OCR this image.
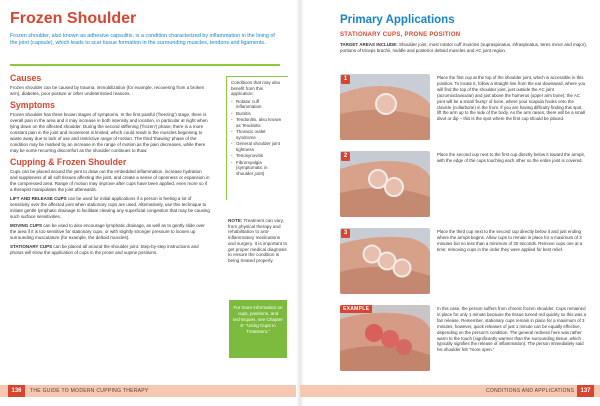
Frozen Shoulder
Frozen shoulder, also known as adhesive capsulitis, is a condition characterized by inflammation in the lining of the joint (capsule), which leads to scar tissue formation in the surrounding muscles, tendons and ligaments.
Causes
Frozen shoulder can be caused by trauma, immobilization (for example, recovering from a broken arm), diabetes, poor posture or other undetermined reasons.
Symptoms
Frozen shoulder has three known stages of symptoms. In the first painful ('freezing') stage, there is overall pain in the area and it may increase in both intensity and location, in particular at night when lying down on the affected shoulder. During the second stiffening ('frozen') phase, there is a more constant pain in the joint and movement is limited, which could result in the muscles beginning to waste away due to lack of use and restrictive range of motion. The third 'thawing' phase of the condition may be marked by an increase in the range of motion as the pain decreases, while there may be some recurring discomfort as the shoulder continues to thaw.
Cupping & Frozen Shoulder
Cups can be placed around the joint to draw out the embedded inflammation, increase hydration and suppleness of all soft tissues affecting the joint, and create a sense of openness or expansion in the compressed area. Range of motion may improve after cups have been applied, even more so if a therapist manipulates the joint afterwards.
LIFT AND RELEASE CUPS can be used for initial applications if a person is feeling a lot of sensitivity over the affected joint when stationary cups are used. Alternatively, use this technique to initiate gentle lymphatic drainage to facilitate clearing any superficial congestion that may be causing such surface sensitivities.
MOVING CUPS can be used to also encourage lymphatic drainage, as well as to gently slide over the area if it is too sensitive for stationary cups, or with slightly stronger pressure to loosen up surrounding musculature (for example, the deltoid muscles).
STATIONARY CUPS can be placed all around the shoulder joint. Step-by-step instructions and photos will show the application of cups in the prone and supine positions.
Conditions that may also benefit from this application:
• Rotator cuff inflammation
• Bursitis
• Tendonitis, also known as Tendinitis
• Thoracic outlet syndrome
• General shoulder joint tightness
• Tenosynovitis
• Fibromyalgia (symptomatic in shoulder joint)
NOTE: Treatment can vary, from physical therapy and rehabilitation to anti-inflammatory medications and surgery. It is important to get proper medical diagnosis to ensure the condition is being treated properly.
For more information on cups, positions, and techniques, see Chapter 8: "Using Cups in Treatment."
136	THE GUIDE TO MODERN CUPPING THERAPY	137
CONDITIONS AND APPLICATIONS
Primary Applications
STATIONARY CUPS, PRONE POSITION
TARGET AREAS INCLUDE: Shoulder joint, most rotator cuff muscles (supraspinatus, infraspinatus, teres minor and major), portions of triceps brachii, middle and posterior deltoid muscles and AC joint region.
1	Place the first cup at the top of the shoulder joint, which is accessible in this position. To locate it, follow a straight line from the ear downward, where you will find the top of the shoulder joint, just outside the AC joint (acromioclavicular) and just above the humerus (upper arm bone); the AC joint will be a small 'bump' of bone, where your scapula hooks onto the clavicle (collarbone) in the front. If you are having difficulty finding this spot, lift the arm up to the side of the body. As the arm raises, there will be a small divot or dip – this is the spot where the first cup should be placed.
2	Place the second cup next to the first cup directly below it toward the armpit, with the edge of the cups touching each other so the entire joint is covered.
3	Place the third cup next to the second cup directly below it and just ending where the armpit begins. Allow cups to remain in place for a maximum of 3 minutes but no less than a minimum of 30 seconds. Remove cups one at a time; removing cups in the order they were applied for best relief.
EXAMPLE	In this case, the person suffers from chronic frozen shoulder. Cups remained in place for only 1 minute because the tissue turned red quickly so this was a fair release. Remember, stationary cups remain in place for a maximum of 3 minutes; however, quick releases of just 1 minute can be equally effective, depending on the person's condition. The general redness here was rather warm to the touch (significantly warmer than the surrounding tissue, which typically signifies the release of inflammation). The person immediately said his shoulder felt "more open."
